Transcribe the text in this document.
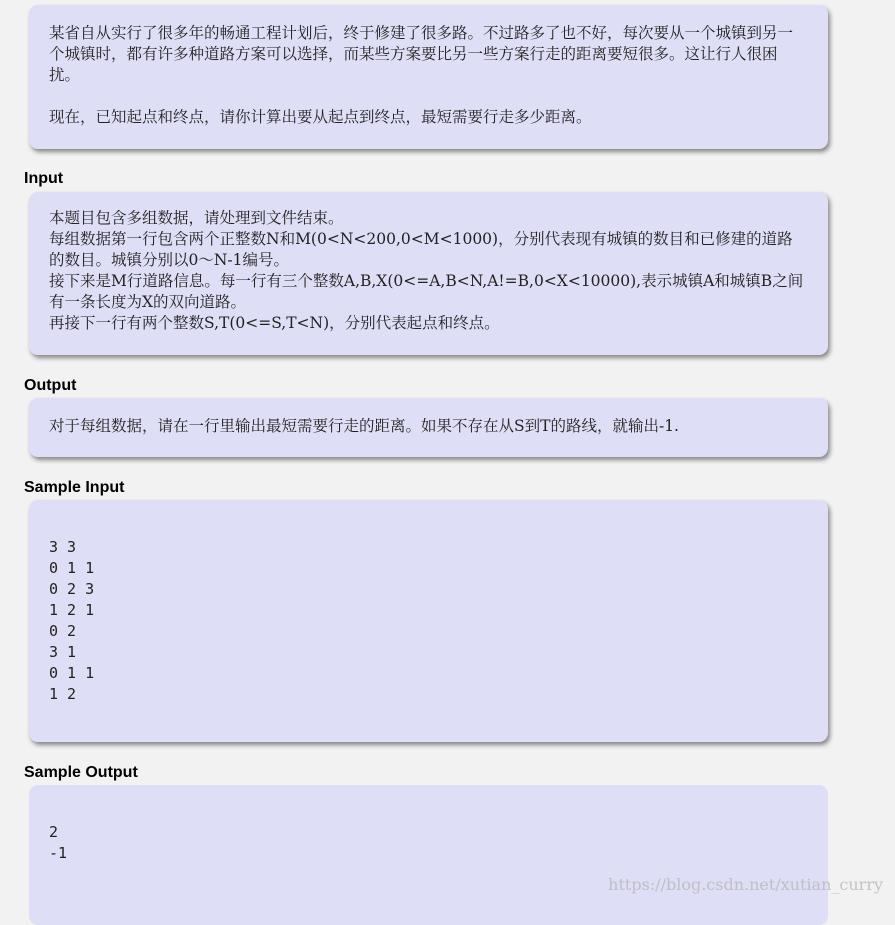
某省自从实行了很多年的畅通工程计划后，终于修建了很多路。不过路多了也不好，每次要从一个城镇到另一个城镇时，都有许多种道路方案可以选择，而某些方案要比另一些方案行走的距离要短很多。这让行人很困扰。

现在，已知起点和终点，请你计算出要从起点到终点，最短需要行走多少距离。

Input

本题目包含多组数据，请处理到文件结束。

每组数据第一行包含两个正整数N和M(0<N<200,0<M<1000)，分别代表现有城镇的数目和已修建的道路的数目。城镇分别以0～N-1编号。

接下来是M行道路信息。每一行有三个整数A,B,X(0<=A,B<N,A!=B,0<X<10000),表示城镇A和城镇B之间有一条长度为X的双向道路。

再接下一行有两个整数S,T(0<=S,T<N)，分别代表起点和终点。

Output

对于每组数据，请在一行里输出最短需要行走的距离。如果不存在从S到T的路线，就输出-1.

Sample Input
3 3
0 1 1
0 2 3
1 2 1
0 2
3 1
0 1 1
1 2
Sample Output
2
-1
https://blog.csdn.net/xutian_curry
